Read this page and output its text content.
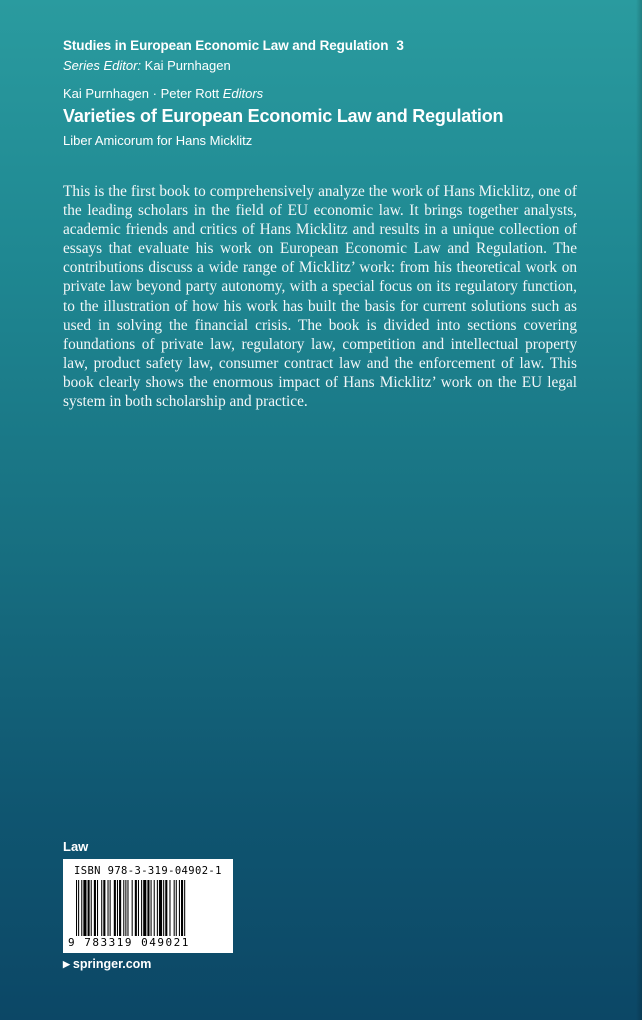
Studies in European Economic Law and Regulation 3
Series Editor: Kai Purnhagen
Kai Purnhagen · Peter Rott Editors
Varieties of European Economic Law and Regulation
Liber Amicorum for Hans Micklitz
This is the first book to comprehensively analyze the work of Hans Micklitz, one of the leading scholars in the field of EU economic law. It brings together analysts, academic friends and critics of Hans Micklitz and results in a unique collection of essays that evaluate his work on European Economic Law and Regulation. The contributions discuss a wide range of Micklitz’ work: from his theoretical work on private law beyond party autonomy, with a special focus on its regulatory function, to the illustration of how his work has built the basis for current solutions such as used in solving the financial crisis. The book is divided into sections covering foundations of private law, regulatory law, competition and intellectual property law, product safety law, consumer contract law and the enforcement of law. This book clearly shows the enormous impact of Hans Micklitz’ work on the EU legal system in both scholarship and practice.
Law
ISBN 978-3-319-04902-1
9 783319 049021
▶ springer.com
